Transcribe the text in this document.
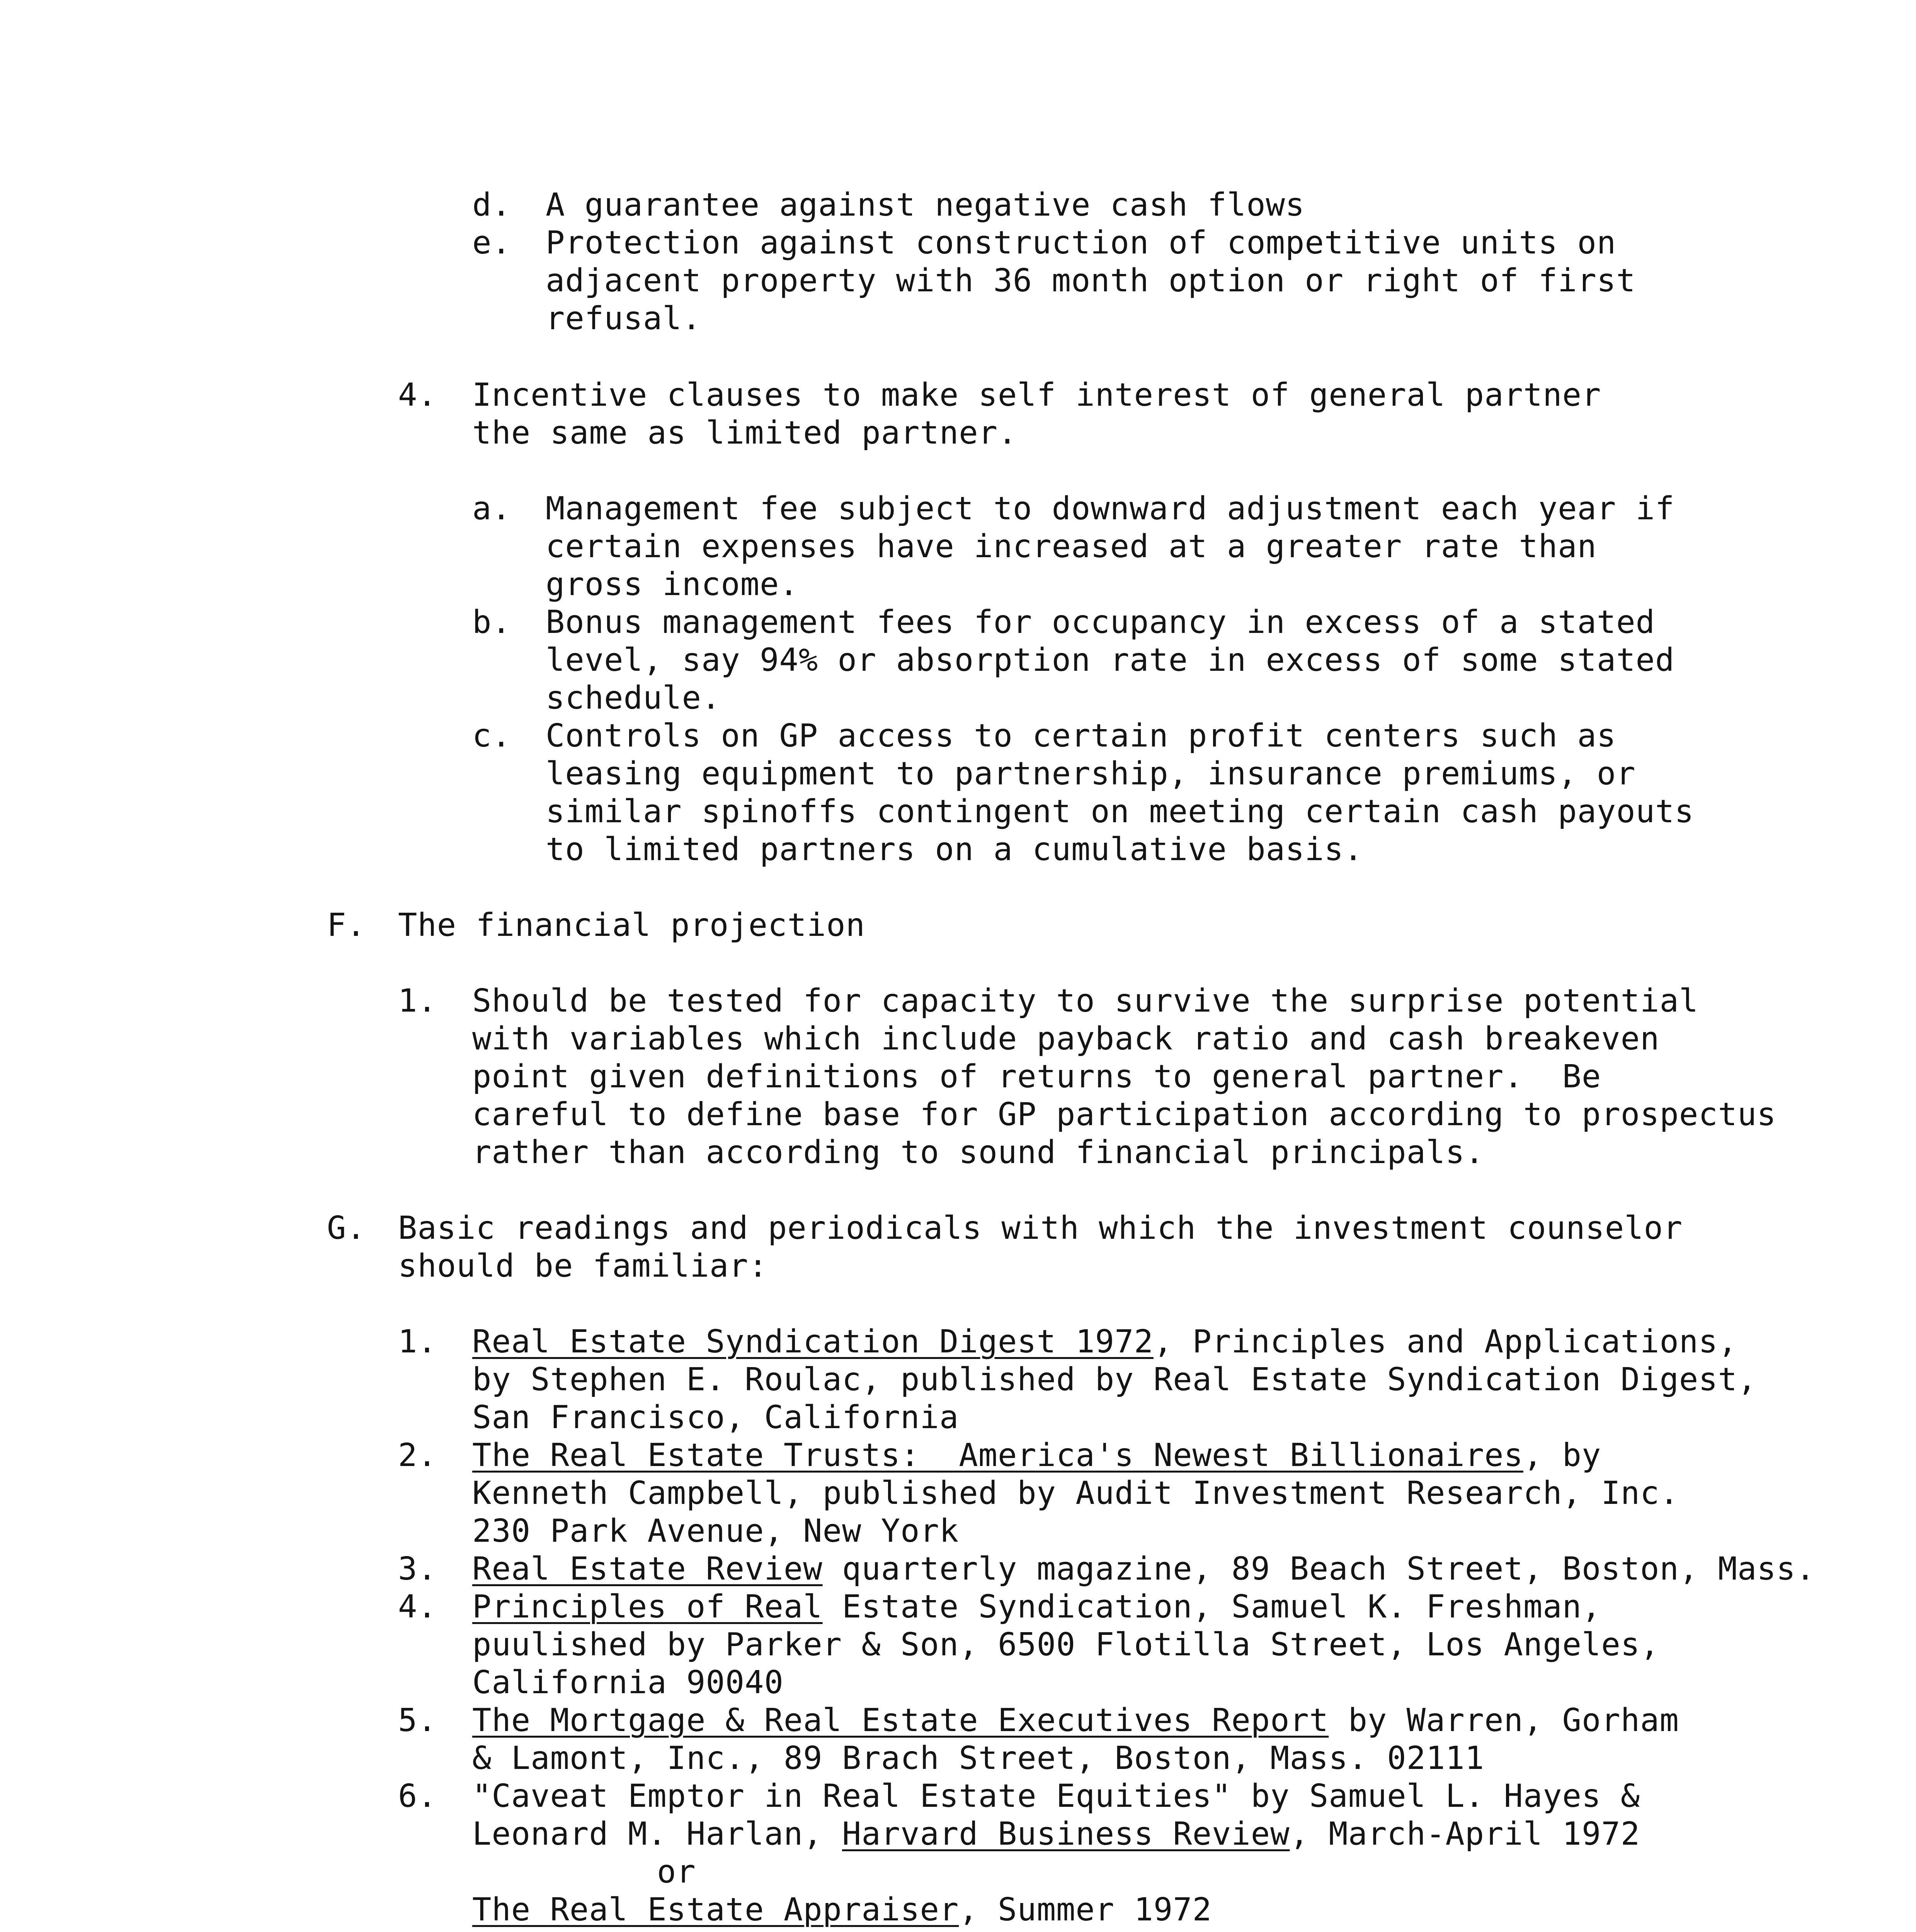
d. A guarantee against negative cash flows
e. Protection against construction of competitive units on
adjacent property with 36 month option or right of first
refusal.
4. Incentive clauses to make self interest of general partner
the same as limited partner.
a. Management fee subject to downward adjustment each year if
certain expenses have increased at a greater rate than
gross income.
b. Bonus management fees for occupancy in excess of a stated
level, say 94% or absorption rate in excess of some stated
schedule.
c. Controls on GP access to certain profit centers such as
leasing equipment to partnership, insurance premiums, or
similar spinoffs contingent on meeting certain cash payouts
to limited partners on a cumulative basis.
F. The financial projection
1. Should be tested for capacity to survive the surprise potential
with variables which include payback ratio and cash breakeven
point given definitions of returns to general partner.  Be
careful to define base for GP participation according to prospectus
rather than according to sound financial principals.
G. Basic readings and periodicals with which the investment counselor
should be familiar:
1. Real Estate Syndication Digest 1972, Principles and Applications,
by Stephen E. Roulac, published by Real Estate Syndication Digest,
San Francisco, California
2. The Real Estate Trusts:  America's Newest Billionaires, by
Kenneth Campbell, published by Audit Investment Research, Inc.
230 Park Avenue, New York
3. Real Estate Review quarterly magazine, 89 Beach Street, Boston, Mass.
4. Principles of Real Estate Syndication, Samuel K. Freshman,
puulished by Parker & Son, 6500 Flotilla Street, Los Angeles,
California 90040
5. The Mortgage & Real Estate Executives Report by Warren, Gorham
& Lamont, Inc., 89 Brach Street, Boston, Mass. 02111
6. "Caveat Emptor in Real Estate Equities" by Samuel L. Hayes &
Leonard M. Harlan, Harvard Business Review, March-April 1972
or
The Real Estate Appraiser, Summer 1972
